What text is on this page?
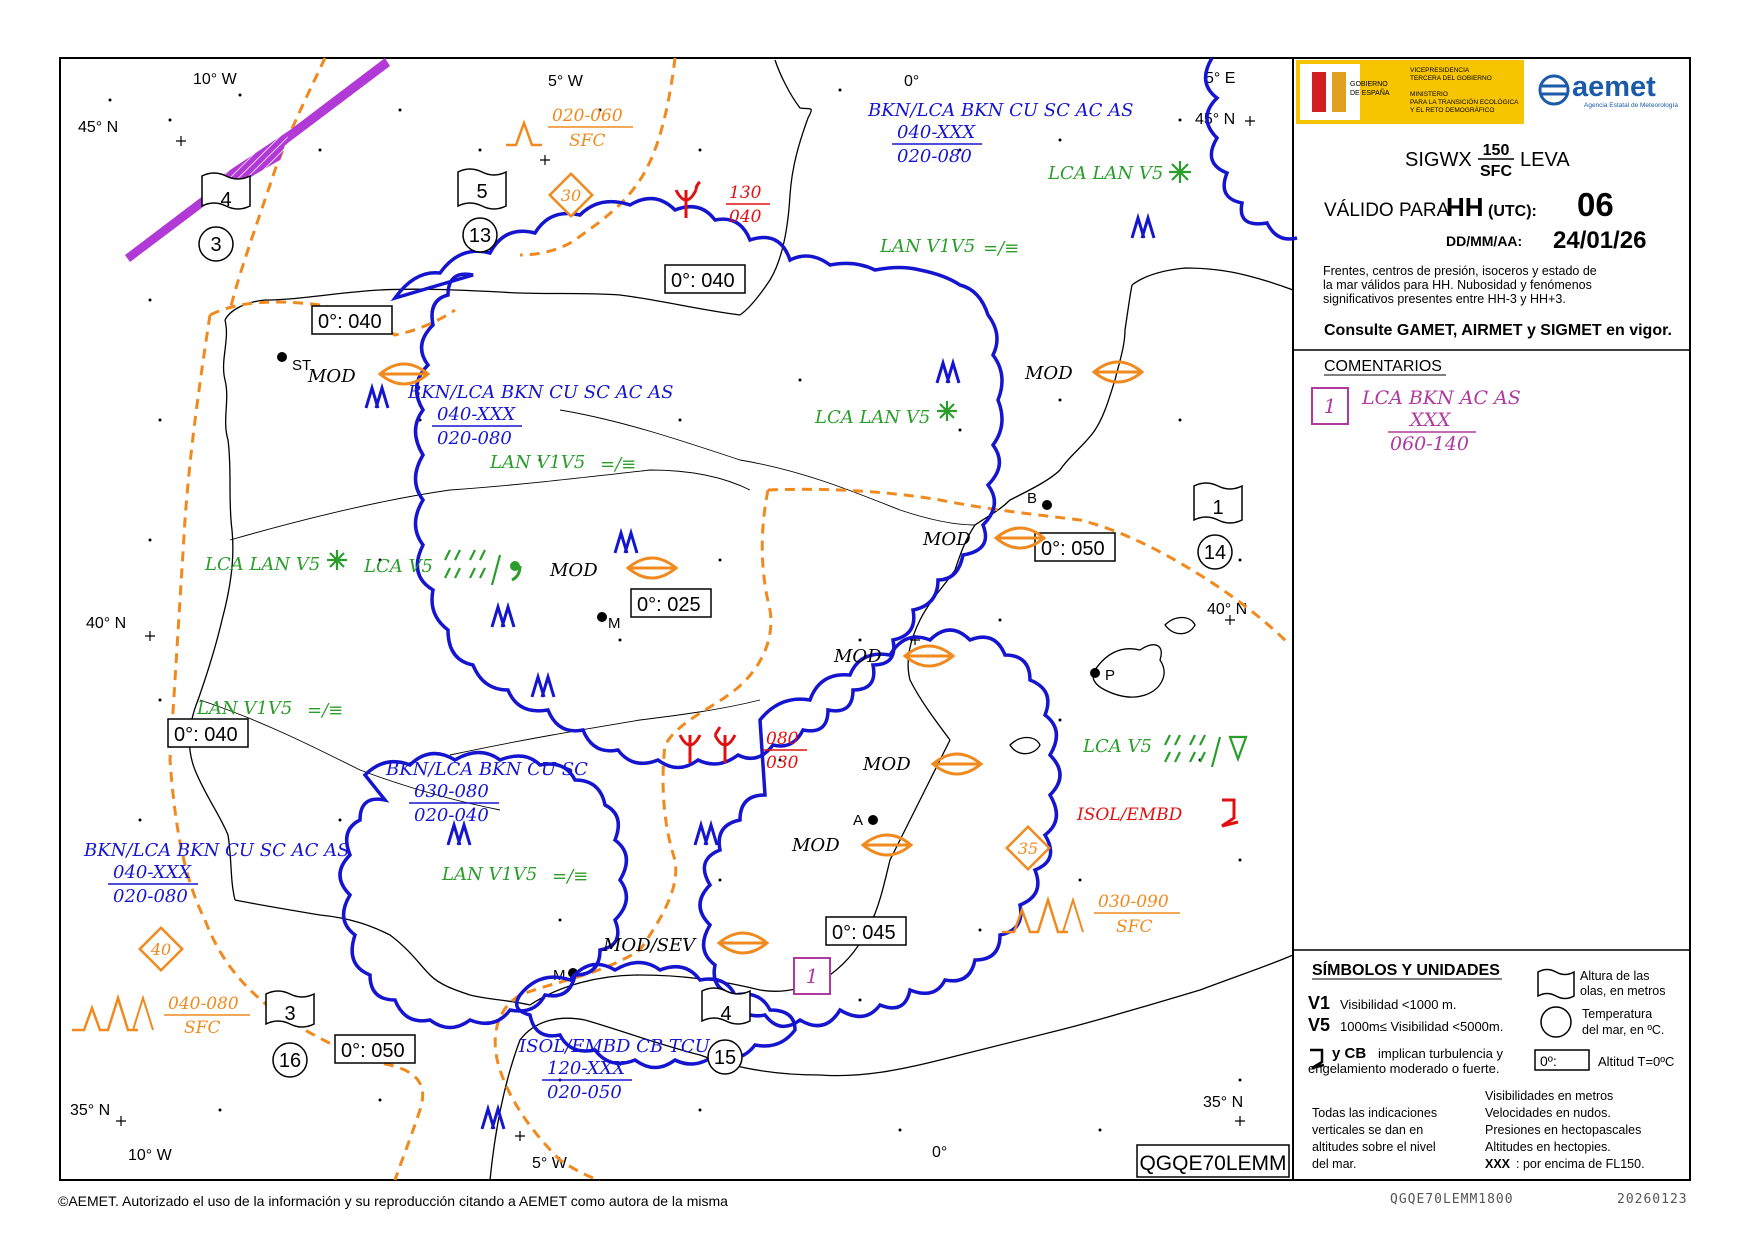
10° W	5° W	0°	5° E
45° N	45° N
40° N
40° N
35° N	35° N
10° W	5° W
0°
ST
M
B
P
A
M
0°: 040
0°: 040
0°: 025
0°: 050
0°: 040
0°: 045
0°: 050
BKN/LCA BKN CU SC AC AS
040-XXX
020-080
BKN/LCA BKN CU SC AC AS
040-XXX
020-080
BKN/LCA BKN CU SC
030-080
020-040
BKN/LCA BKN CU SC AC AS
040-XXX
020-080
ISOL/EMBD CB TCU
120-XXX
020-050
LCA LAN V5
LAN V1V5 =/≡
LCA LAN V5
LAN V1V5 =/≡
LCA LAN V5 LCA V5
LAN V1V5 =/≡
LAN V1V5 =/≡
LCA V5
MOD
MOD
MOD
MOD
MOD
MOD
MOD
MOD/SEV
130
040
080
030
ISOL/EMBD
020-060
SFC
030-090
SFC
040-080
SFC
30
35
40
4	5
3	4
1
3	13
16	15
14
1
QGQE70LEMM
GOBIERNO
DE ESPAÑA
VICEPRESIDENCIA
TERCERA DEL GOBIERNO
MINISTERIO
PARA LA TRANSICIÓN ECOLÓGICA
Y EL RETO DEMOGRÁFICO
aemet
Agencia Estatal de Meteorología
SIGWX 150
SFC
LEVA
VÁLIDO PARA
HH (UTC): 06
DD/MM/AA: 24/01/26
Frentes, centros de presión, isoceros y estado de
la mar válidos para HH. Nubosidad y fenómenos
significativos presentes entre HH-3 y HH+3.
Consulte GAMET, AIRMET y SIGMET en vigor.
COMENTARIOS
1 LCA BKN AC AS
XXX
060-140
SÍMBOLOS Y UNIDADES
V1 Visibilidad <1000 m.
V5 1000m≤ Visibilidad <5000m.
y CB implican turbulencia y
engelamiento moderado o fuerte.
Altura de las
olas, en metros
Temperatura
del mar, en ºC.
0º:	Altitud T=0ºC
Todas las indicaciones
verticales se dan en
altitudes sobre el nivel
del mar.
Visibilidades en metros
Velocidades en nudos.
Presiones en hectopascales
Altitudes en hectopies.
XXX : por encima de FL150.
©AEMET. Autorizado el uso de la información y su reproducción citando a AEMET como autora de la misma	QGQE70LEMM1800	20260123
